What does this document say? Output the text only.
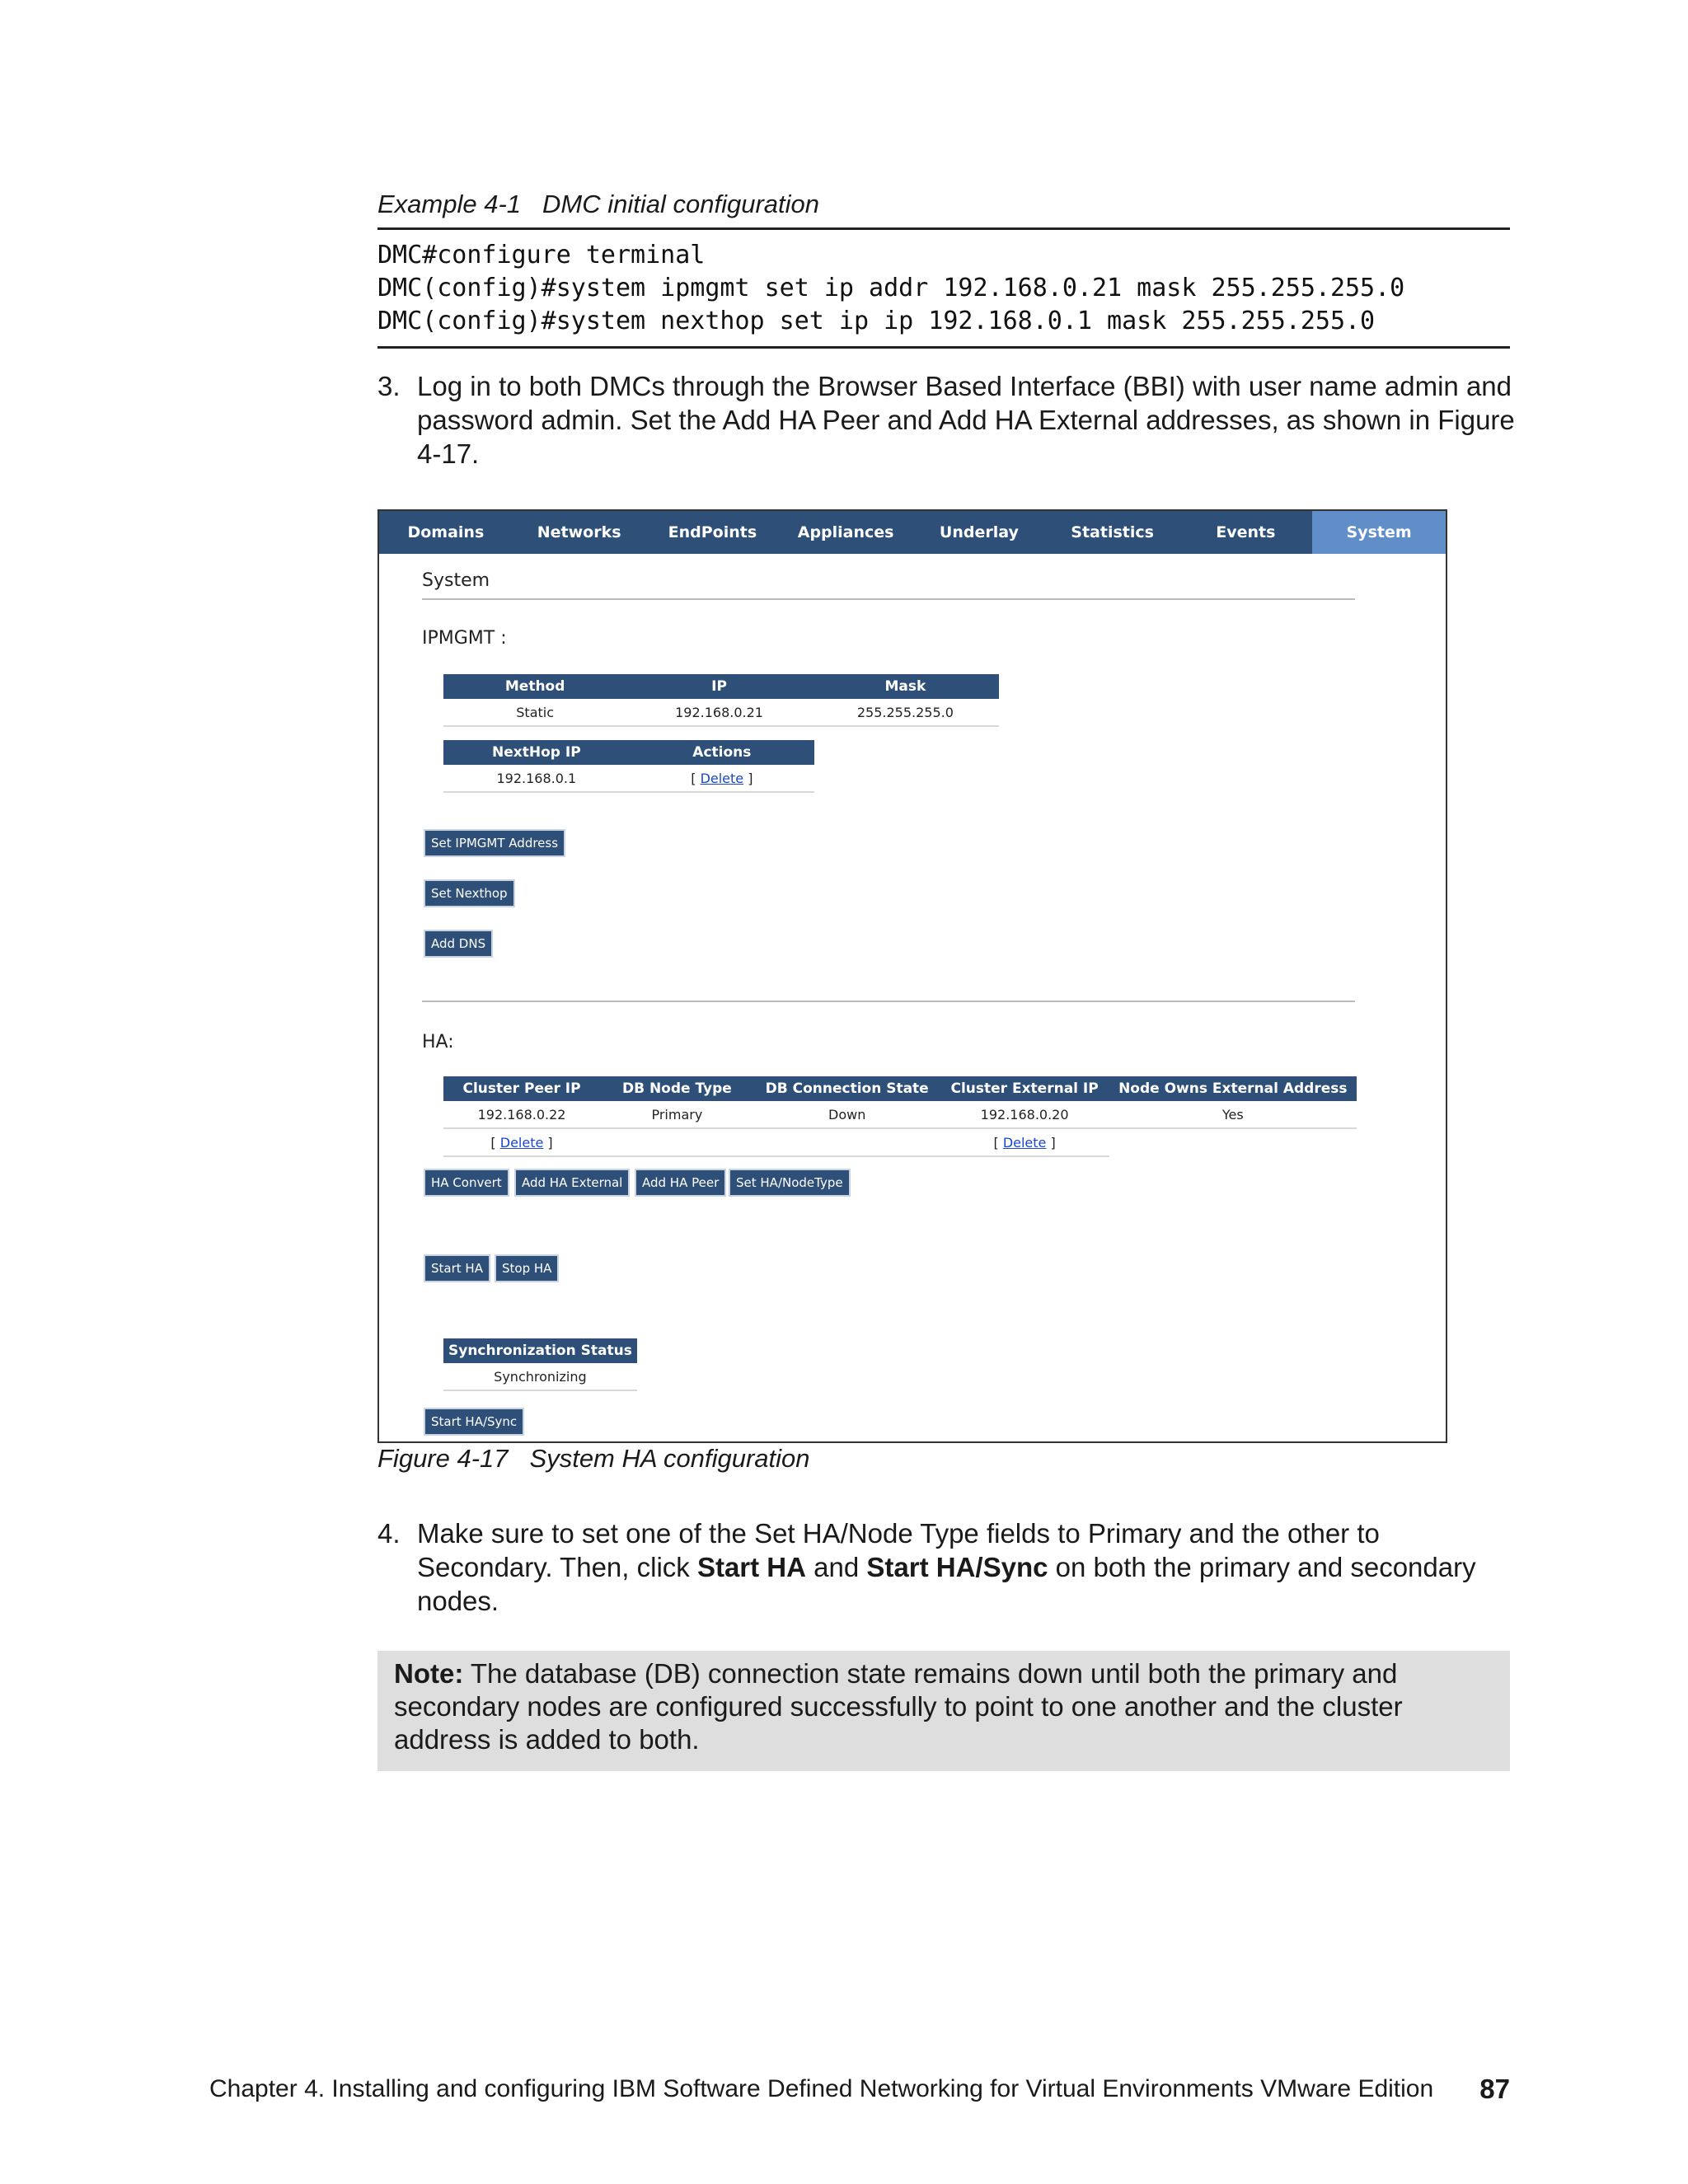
Example 4-1 DMC initial configuration
DMC#configure terminal
DMC(config)#system ipmgmt set ip addr 192.168.0.21 mask 255.255.255.0
DMC(config)#system nexthop set ip ip 192.168.0.1 mask 255.255.255.0
3. Log in to both DMCs through the Browser Based Interface (BBI) with user name admin and password admin. Set the Add HA Peer and Add HA External addresses, as shown in Figure 4-17.
Domains	Networks	EndPoints	Appliances	Underlay	Statistics	Events	System
System
IPMGMT :
Method	IP	Mask
Static	192.168.0.21	255.255.255.0
NextHop IP	Actions
192.168.0.1	[ Delete ]
Set IPMGMT Address
Set Nexthop
Add DNS
HA:
Cluster Peer IP	DB Node Type	DB Connection State	Cluster External IP	Node Owns External Address
192.168.0.22	Primary	Down	192.168.0.20	Yes
[ Delete ]			[ Delete ]	
HA Convert	Add HA External	Add HA Peer	Set HA/NodeType
Start HA	Stop HA
Synchronization Status
Synchronizing
Start HA/Sync
Figure 4-17 System HA configuration
4. Make sure to set one of the Set HA/Node Type fields to Primary and the other to Secondary. Then, click Start HA and Start HA/Sync on both the primary and secondary nodes.
Note: The database (DB) connection state remains down until both the primary and secondary nodes are configured successfully to point to one another and the cluster address is added to both.
Chapter 4. Installing and configuring IBM Software Defined Networking for Virtual Environments VMware Edition 87
